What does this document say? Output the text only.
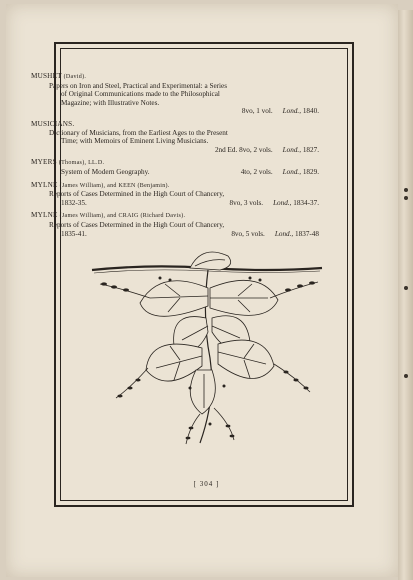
MUSHET (David).
Papers on Iron and Steel, Practical and Experimental: a Series
of Original Communications made to the Philosophical
Magazine; with Illustrative Notes.
8vo, 1 vol. Lond., 1840.
MUSICIANS.
Dictionary of Musicians, from the Earliest Ages to the Present
Time; with Memoirs of Eminent Living Musicians.
2nd Ed. 8vo, 2 vols. Lond., 1827.
MYERS (Thomas), LL.D.
System of Modern Geography.	4to, 2 vols. Lond., 1829.
MYLNE (James William), and KEEN (Benjamin).
Reports of Cases Determined in the High Court of Chancery,
1832-35.	8vo, 3 vols. Lond., 1834-37.
MYLNE (James William), and CRAIG (Richard Davis).
Reports of Cases Determined in the High Court of Chancery,
1835-41.	8vo, 5 vols. Lond., 1837-48
[ 304 ]
